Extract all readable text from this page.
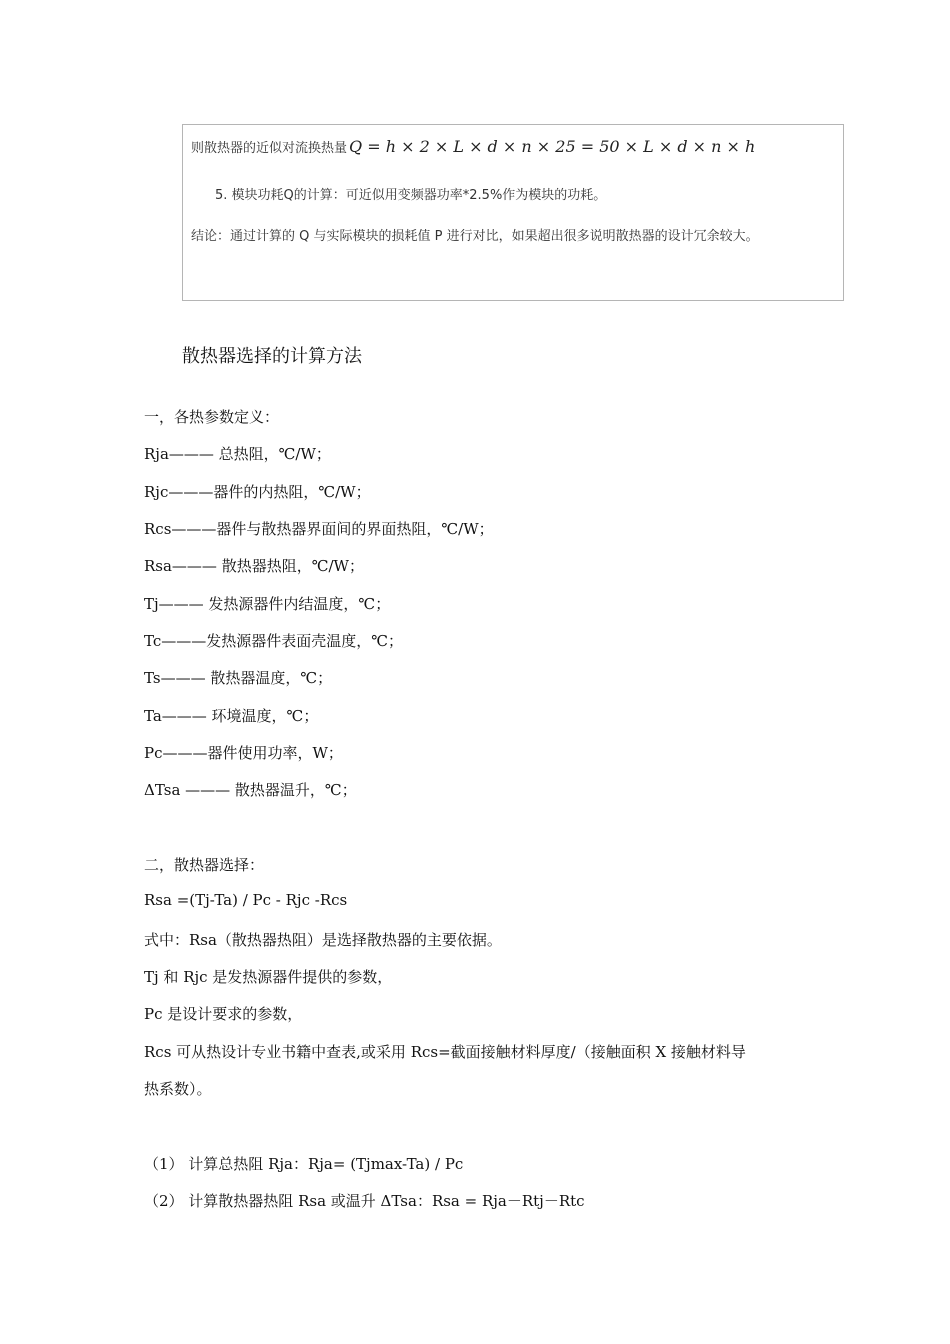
则散热器的近似对流换热量 Q = h × 2 × L × d × n × 25 = 50 × L × d × n × h
5. 模块功耗Q的计算：可近似用变频器功率*2.5%作为模块的功耗。
结论：通过计算的 Q 与实际模块的损耗值 P 进行对比，如果超出很多说明散热器的设计冗余较大。
散热器选择的计算方法
一，各热参数定义：
Rja——— 总热阻，℃/W；
Rjc———器件的内热阻，℃/W；
Rcs———器件与散热器界面间的界面热阻，℃/W；
Rsa——— 散热器热阻，℃/W；
Tj——— 发热源器件内结温度，℃；
Tc———发热源器件表面壳温度，℃；
Ts——— 散热器温度，℃；
Ta——— 环境温度，℃；
Pc———器件使用功率，W；
ΔTsa ——— 散热器温升，℃；
二，散热器选择：
Rsa =(Tj-Ta) / Pc - Rjc -Rcs
式中：Rsa（散热器热阻）是选择散热器的主要依据。
Tj 和 Rjc 是发热源器件提供的参数，
Pc 是设计要求的参数，
Rcs 可从热设计专业书籍中查表,或采用 Rcs=截面接触材料厚度/（接触面积 X 接触材料导
热系数）。
（1） 计算总热阻 Rja：Rja= (Tjmax-Ta) / Pc
（2） 计算散热器热阻 Rsa 或温升 ΔTsa：Rsa = Rja－Rtj－Rtc
